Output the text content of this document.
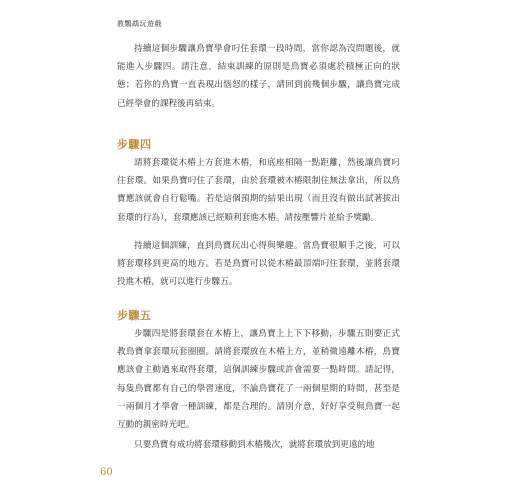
教鸚鵡玩遊戲

持續這個步驟讓鳥寶學會叼住套環一段時間，當你認為沒問題後，就能進入步驟四。請注意，結束訓練的原則是鳥寶必須處於積極正向的狀態；若你的鳥寶一直表現出惱怒的樣子，請回到前幾個步驟，讓鳥寶完成已經學會的課程後再結束。

步驟四

請將套環從木樁上方套進木樁，和底座相隔一點距離，然後讓鳥寶叼住套環。如果鳥寶叼住了套環，由於套環被木樁限制住無法拿出，所以鳥寶應該就會自行鬆嘴。若是這個預期的結果出現（而且沒有做出試著拔出套環的行為），套環應該已經順利套進木樁。請按壓響片並給予獎勵。

持續這個訓練，直到鳥寶玩出心得與樂趣。當鳥寶很順手之後，可以將套環移到更高的地方。若是鳥寶可以從木樁最頂端叼住套環，並將套環投進木樁，就可以進行步驟五。

步驟五

步驟四是將套環套在木樁上，讓鳥寶上上下下移動，步驟五則要正式教鳥寶拿套環玩套圈圈。請將套環放在木樁上方，並稍微遠離木樁，鳥寶應該會主動過來取得套環，這個訓練步驟或許會需要一點時間。請記得，每隻鳥寶都有自己的學習速度，不論鳥寶花了一兩個星期的時間，甚至是一兩個月才學會一種訓練，都是合理的。請別介意，好好享受與鳥寶一起互動的親密時光吧。

只要鳥寶有成功將套環移動到木樁幾次，就將套環放到更遠的地

60
